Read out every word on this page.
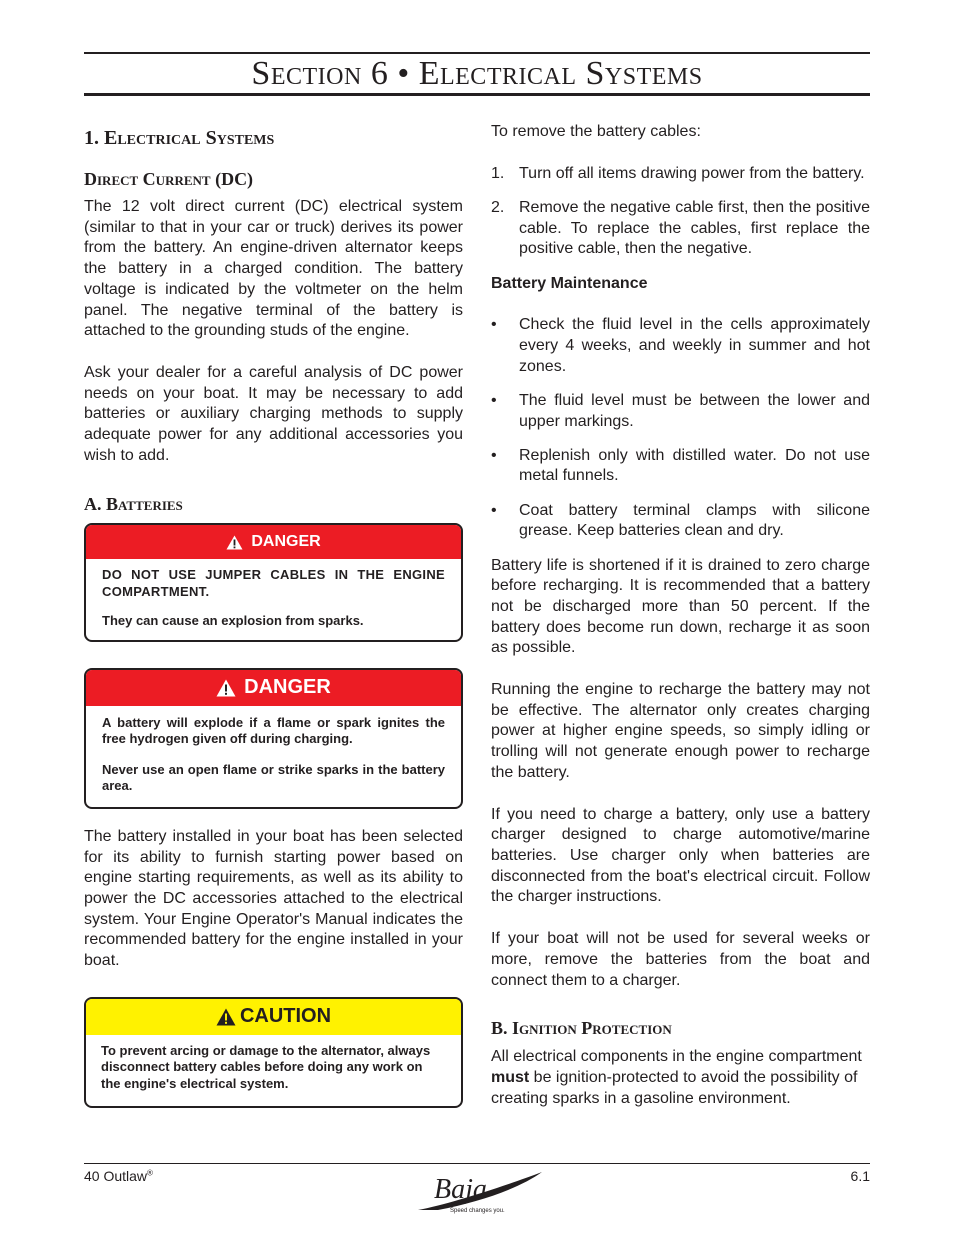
Section 6 • Electrical Systems
1. Electrical Systems
Direct Current (DC)

The 12 volt direct current (DC) electrical system (similar to that in your car or truck) derives its power from the battery. An engine-driven alternator keeps the battery in a charged condition. The battery voltage is indicated by the voltmeter on the helm panel. The negative terminal of the battery is attached to the grounding studs of the engine.

Ask your dealer for a careful analysis of DC power needs on your boat. It may be necessary to add batteries or auxiliary charging methods to supply adequate power for any additional accessories you wish to add.

A. Batteries
DANGER

DO NOT USE JUMPER CABLES IN THE ENGINE COMPARTMENT.

They can cause an explosion from sparks.

DANGER

A battery will explode if a flame or spark ignites the free hydrogen given off during charging.

Never use an open flame or strike sparks in the battery area.

The battery installed in your boat has been selected for its ability to furnish starting power based on engine starting requirements, as well as its ability to power the DC accessories attached to the electrical system. Your Engine Operator's Manual indicates the recommended battery for the engine installed in your boat.

CAUTION

To prevent arcing or damage to the alternator, always disconnect battery cables before doing any work on the engine's electrical system.

To remove the battery cables:

1. Turn off all items drawing power from the battery.

2. Remove the negative cable first, then the positive cable. To replace the cables, first replace the positive cable, then the negative.

Battery Maintenance

• Check the fluid level in the cells approximately every 4 weeks, and weekly in summer and hot zones.

• The fluid level must be between the lower and upper markings.

• Replenish only with distilled water. Do not use metal funnels.

• Coat battery terminal clamps with silicone grease. Keep batteries clean and dry.

Battery life is shortened if it is drained to zero charge before recharging. It is recommended that a battery not be discharged more than 50 percent. If the battery does become run down, recharge it as soon as possible.

Running the engine to recharge the battery may not be effective. The alternator only creates charging power at higher engine speeds, so simply idling or trolling will not generate enough power to recharge the battery.

If you need to charge a battery, only use a battery charger designed to charge automotive/marine batteries. Use charger only when batteries are disconnected from the boat's electrical circuit. Follow the charger instructions.

If your boat will not be used for several weeks or more, remove the batteries from the boat and connect them to a charger.

B. Ignition Protection

All electrical components in the engine compartment must be ignition-protected to avoid the possibility of creating sparks in a gasoline environment.

40 Outlaw®
Baja
Speed changes you.
6.1
